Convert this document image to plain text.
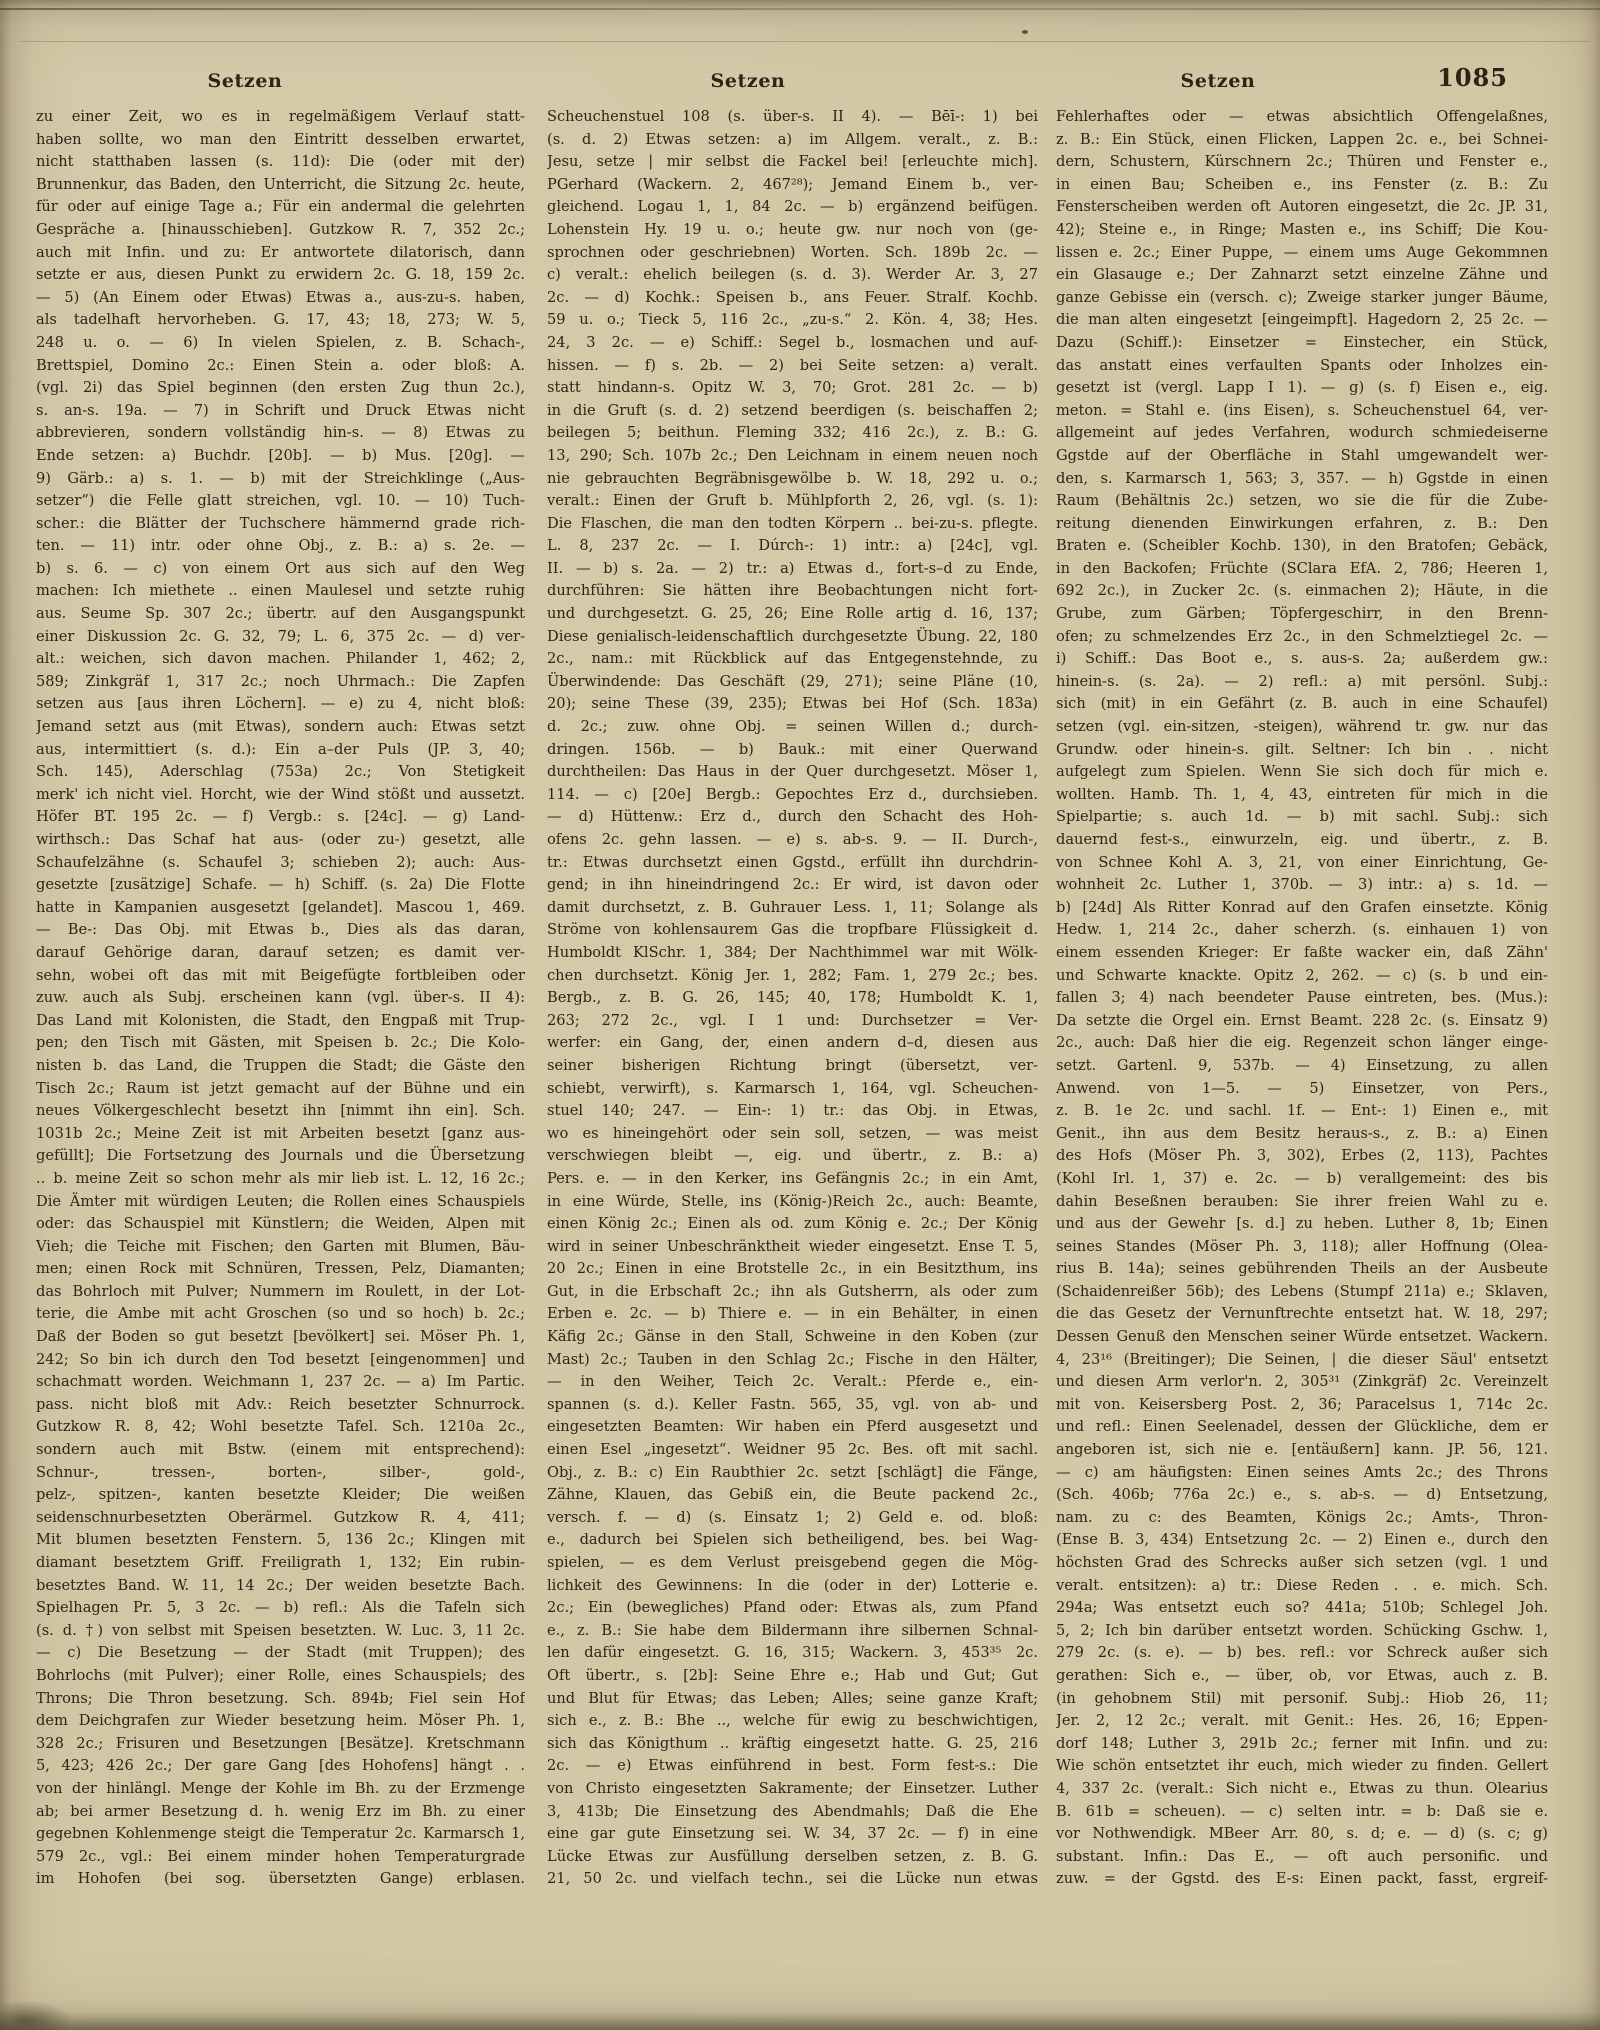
Setzen	Setzen	Setzen	1085
zu einer Zeit, wo es in regelmäßigem Verlauf statt-
haben sollte, wo man den Eintritt desselben erwartet,
nicht statthaben lassen (s. 11d): Die (oder mit der)
Brunnenkur, das Baden, den Unterricht, die Sitzung 2c. heute,
für oder auf einige Tage a.; Für ein andermal die gelehrten
Gespräche a. [hinausschieben]. Gutzkow R. 7, 352 2c.;
auch mit Infin. und zu: Er antwortete dilatorisch, dann
setzte er aus, diesen Punkt zu erwidern 2c. G. 18, 159 2c.
— 5) (An Einem oder Etwas) Etwas a., aus-zu-s. haben,
als tadelhaft hervorheben. G. 17, 43; 18, 273; W. 5,
248 u. o. — 6) In vielen Spielen, z. B. Schach-,
Brettspiel, Domino 2c.: Einen Stein a. oder bloß: A.
(vgl. 2i) das Spiel beginnen (den ersten Zug thun 2c.),
s. an-s. 19a. — 7) in Schrift und Druck Etwas nicht
abbrevieren, sondern vollständig hin-s. — 8) Etwas zu
Ende setzen: a) Buchdr. [20b]. — b) Mus. [20g]. —
9) Gärb.: a) s. 1. — b) mit der Streichklinge („Aus-
setzer“) die Felle glatt streichen, vgl. 10. — 10) Tuch-
scher.: die Blätter der Tuchschere hämmernd grade rich-
ten. — 11) intr. oder ohne Obj., z. B.: a) s. 2e. —
b) s. 6. — c) von einem Ort aus sich auf den Weg
machen: Ich miethete .. einen Maulesel und setzte ruhig
aus. Seume Sp. 307 2c.; übertr. auf den Ausgangspunkt
einer Diskussion 2c. G. 32, 79; L. 6, 375 2c. — d) ver-
alt.: weichen, sich davon machen. Philander 1, 462; 2,
589; Zinkgräf 1, 317 2c.; noch Uhrmach.: Die Zapfen
setzen aus [aus ihren Löchern]. — e) zu 4, nicht bloß:
Jemand setzt aus (mit Etwas), sondern auch: Etwas setzt
aus, intermittiert (s. d.): Ein a–der Puls (JP. 3, 40;
Sch. 145), Aderschlag (753a) 2c.; Von Stetigkeit
merk' ich nicht viel. Horcht, wie der Wind stößt und aussetzt.
Höfer BT. 195 2c. — f) Vergb.: s. [24c]. — g) Land-
wirthsch.: Das Schaf hat aus- (oder zu-) gesetzt, alle
Schaufelzähne (s. Schaufel 3; schieben 2); auch: Aus-
gesetzte [zusätzige] Schafe. — h) Schiff. (s. 2a) Die Flotte
hatte in Kampanien ausgesetzt [gelandet]. Mascou 1, 469.
— Be-: Das Obj. mit Etwas b., Dies als das daran,
darauf Gehörige daran, darauf setzen; es damit ver-
sehn, wobei oft das mit mit Beigefügte fortbleiben oder
zuw. auch als Subj. erscheinen kann (vgl. über-s. II 4):
Das Land mit Kolonisten, die Stadt, den Engpaß mit Trup-
pen; den Tisch mit Gästen, mit Speisen b. 2c.; Die Kolo-
nisten b. das Land, die Truppen die Stadt; die Gäste den
Tisch 2c.; Raum ist jetzt gemacht auf der Bühne und ein
neues Völkergeschlecht besetzt ihn [nimmt ihn ein]. Sch.
1031b 2c.; Meine Zeit ist mit Arbeiten besetzt [ganz aus-
gefüllt]; Die Fortsetzung des Journals und die Übersetzung
.. b. meine Zeit so schon mehr als mir lieb ist. L. 12, 16 2c.;
Die Ämter mit würdigen Leuten; die Rollen eines Schauspiels
oder: das Schauspiel mit Künstlern; die Weiden, Alpen mit
Vieh; die Teiche mit Fischen; den Garten mit Blumen, Bäu-
men; einen Rock mit Schnüren, Tressen, Pelz, Diamanten;
das Bohrloch mit Pulver; Nummern im Roulett, in der Lot-
terie, die Ambe mit acht Groschen (so und so hoch) b. 2c.;
Daß der Boden so gut besetzt [bevölkert] sei. Möser Ph. 1,
242; So bin ich durch den Tod besetzt [eingenommen] und
schachmatt worden. Weichmann 1, 237 2c. — a) Im Partic.
pass. nicht bloß mit Adv.: Reich besetzter Schnurrock.
Gutzkow R. 8, 42; Wohl besetzte Tafel. Sch. 1210a 2c.,
sondern auch mit Bstw. (einem mit entsprechend):
Schnur-, tressen-, borten-, silber-, gold-,
pelz-, spitzen-, kanten besetzte Kleider; Die weißen
seidenschnurbesetzten Oberärmel. Gutzkow R. 4, 411;
Mit blumen besetzten Fenstern. 5, 136 2c.; Klingen mit
diamant besetztem Griff. Freiligrath 1, 132; Ein rubin-
besetztes Band. W. 11, 14 2c.; Der weiden besetzte Bach.
Spielhagen Pr. 5, 3 2c. — b) refl.: Als die Tafeln sich
(s. d. †) von selbst mit Speisen besetzten. W. Luc. 3, 11 2c.
— c) Die Besetzung — der Stadt (mit Truppen); des
Bohrlochs (mit Pulver); einer Rolle, eines Schauspiels; des
Throns; Die Thron besetzung. Sch. 894b; Fiel sein Hof
dem Deichgrafen zur Wieder besetzung heim. Möser Ph. 1,
328 2c.; Frisuren und Besetzungen [Besätze]. Kretschmann
5, 423; 426 2c.; Der gare Gang [des Hohofens] hängt . .
von der hinlängl. Menge der Kohle im Bh. zu der Erzmenge
ab; bei armer Besetzung d. h. wenig Erz im Bh. zu einer
gegebnen Kohlenmenge steigt die Temperatur 2c. Karmarsch 1,
579 2c., vgl.: Bei einem minder hohen Temperaturgrade
im Hohofen (bei sog. übersetzten Gange) erblasen.
Scheuchenstuel 108 (s. über-s. II 4). — Bēī-: 1) bei
(s. d. 2) Etwas setzen: a) im Allgem. veralt., z. B.:
Jesu, setze | mir selbst die Fackel bei! [erleuchte mich].
PGerhard (Wackern. 2, 467²⁸); Jemand Einem b., ver-
gleichend. Logau 1, 1, 84 2c. — b) ergänzend beifügen.
Lohenstein Hy. 19 u. o.; heute gw. nur noch von (ge-
sprochnen oder geschriebnen) Worten. Sch. 189b 2c. —
c) veralt.: ehelich beilegen (s. d. 3). Werder Ar. 3, 27
2c. — d) Kochk.: Speisen b., ans Feuer. Stralf. Kochb.
59 u. o.; Tieck 5, 116 2c., „zu-s.“ 2. Kön. 4, 38; Hes.
24, 3 2c. — e) Schiff.: Segel b., losmachen und auf-
hissen. — f) s. 2b. — 2) bei Seite setzen: a) veralt.
statt hindann-s. Opitz W. 3, 70; Grot. 281 2c. — b)
in die Gruft (s. d. 2) setzend beerdigen (s. beischaffen 2;
beilegen 5; beithun. Fleming 332; 416 2c.), z. B.: G.
13, 290; Sch. 107b 2c.; Den Leichnam in einem neuen noch
nie gebrauchten Begräbnisgewölbe b. W. 18, 292 u. o.;
veralt.: Einen der Gruft b. Mühlpforth 2, 26, vgl. (s. 1):
Die Flaschen, die man den todten Körpern .. bei-zu-s. pflegte.
L. 8, 237 2c. — I. Dúrch-: 1) intr.: a) [24c], vgl.
II. — b) s. 2a. — 2) tr.: a) Etwas d., fort-s–d zu Ende,
durchführen: Sie hätten ihre Beobachtungen nicht fort-
und durchgesetzt. G. 25, 26; Eine Rolle artig d. 16, 137;
Diese genialisch-leidenschaftlich durchgesetzte Übung. 22, 180
2c., nam.: mit Rückblick auf das Entgegenstehnde, zu
Überwindende: Das Geschäft (29, 271); seine Pläne (10,
20); seine These (39, 235); Etwas bei Hof (Sch. 183a)
d. 2c.; zuw. ohne Obj. = seinen Willen d.; durch-
dringen. 156b. — b) Bauk.: mit einer Querwand
durchtheilen: Das Haus in der Quer durchgesetzt. Möser 1,
114. — c) [20e] Bergb.: Gepochtes Erz d., durchsieben.
— d) Hüttenw.: Erz d., durch den Schacht des Hoh-
ofens 2c. gehn lassen. — e) s. ab-s. 9. — II. Durch-,
tr.: Etwas durchsetzt einen Ggstd., erfüllt ihn durchdrin-
gend; in ihn hineindringend 2c.: Er wird, ist davon oder
damit durchsetzt, z. B. Guhrauer Less. 1, 11; Solange als
Ströme von kohlensaurem Gas die tropfbare Flüssigkeit d.
Humboldt KlSchr. 1, 384; Der Nachthimmel war mit Wölk-
chen durchsetzt. König Jer. 1, 282; Fam. 1, 279 2c.; bes.
Bergb., z. B. G. 26, 145; 40, 178; Humboldt K. 1,
263; 272 2c., vgl. I 1 und: Durchsetzer = Ver-
werfer: ein Gang, der, einen andern d–d, diesen aus
seiner bisherigen Richtung bringt (übersetzt, ver-
schiebt, verwirft), s. Karmarsch 1, 164, vgl. Scheuchen-
stuel 140; 247. — Ein-: 1) tr.: das Obj. in Etwas,
wo es hineingehört oder sein soll, setzen, — was meist
verschwiegen bleibt —, eig. und übertr., z. B.: a)
Pers. e. — in den Kerker, ins Gefängnis 2c.; in ein Amt,
in eine Würde, Stelle, ins (König-)Reich 2c., auch: Beamte,
einen König 2c.; Einen als od. zum König e. 2c.; Der König
wird in seiner Unbeschränktheit wieder eingesetzt. Ense T. 5,
20 2c.; Einen in eine Brotstelle 2c., in ein Besitzthum, ins
Gut, in die Erbschaft 2c.; ihn als Gutsherrn, als oder zum
Erben e. 2c. — b) Thiere e. — in ein Behälter, in einen
Käfig 2c.; Gänse in den Stall, Schweine in den Koben (zur
Mast) 2c.; Tauben in den Schlag 2c.; Fische in den Hälter,
— in den Weiher, Teich 2c. Veralt.: Pferde e., ein-
spannen (s. d.). Keller Fastn. 565, 35, vgl. von ab- und
eingesetzten Beamten: Wir haben ein Pferd ausgesetzt und
einen Esel „ingesetzt“. Weidner 95 2c. Bes. oft mit sachl.
Obj., z. B.: c) Ein Raubthier 2c. setzt [schlägt] die Fänge,
Zähne, Klauen, das Gebiß ein, die Beute packend 2c.,
versch. f. — d) (s. Einsatz 1; 2) Geld e. od. bloß:
e., dadurch bei Spielen sich betheiligend, bes. bei Wag-
spielen, — es dem Verlust preisgebend gegen die Mög-
lichkeit des Gewinnens: In die (oder in der) Lotterie e.
2c.; Ein (bewegliches) Pfand oder: Etwas als, zum Pfand
e., z. B.: Sie habe dem Bildermann ihre silbernen Schnal-
len dafür eingesetzt. G. 16, 315; Wackern. 3, 453³⁵ 2c.
Oft übertr., s. [2b]: Seine Ehre e.; Hab und Gut; Gut
und Blut für Etwas; das Leben; Alles; seine ganze Kraft;
sich e., z. B.: Bhe .., welche für ewig zu beschwichtigen,
sich das Königthum .. kräftig eingesetzt hatte. G. 25, 216
2c. — e) Etwas einführend in best. Form fest-s.: Die
von Christo eingesetzten Sakramente; der Einsetzer. Luther
3, 413b; Die Einsetzung des Abendmahls; Daß die Ehe
eine gar gute Einsetzung sei. W. 34, 37 2c. — f) in eine
Lücke Etwas zur Ausfüllung derselben setzen, z. B. G.
21, 50 2c. und vielfach techn., sei die Lücke nun etwas
Fehlerhaftes oder — etwas absichtlich Offengelaßnes,
z. B.: Ein Stück, einen Flicken, Lappen 2c. e., bei Schnei-
dern, Schustern, Kürschnern 2c.; Thüren und Fenster e.,
in einen Bau; Scheiben e., ins Fenster (z. B.: Zu
Fensterscheiben werden oft Autoren eingesetzt, die 2c. JP. 31,
42); Steine e., in Ringe; Masten e., ins Schiff; Die Kou-
lissen e. 2c.; Einer Puppe, — einem ums Auge Gekommnen
ein Glasauge e.; Der Zahnarzt setzt einzelne Zähne und
ganze Gebisse ein (versch. c); Zweige starker junger Bäume,
die man alten eingesetzt [eingeimpft]. Hagedorn 2, 25 2c. —
Dazu (Schiff.): Einsetzer = Einstecher, ein Stück,
das anstatt eines verfaulten Spants oder Inholzes ein-
gesetzt ist (vergl. Lapp I 1). — g) (s. f) Eisen e., eig.
meton. = Stahl e. (ins Eisen), s. Scheuchenstuel 64, ver-
allgemeint auf jedes Verfahren, wodurch schmiedeiserne
Ggstde auf der Oberfläche in Stahl umgewandelt wer-
den, s. Karmarsch 1, 563; 3, 357. — h) Ggstde in einen
Raum (Behältnis 2c.) setzen, wo sie die für die Zube-
reitung dienenden Einwirkungen erfahren, z. B.: Den
Braten e. (Scheibler Kochb. 130), in den Bratofen; Gebäck,
in den Backofen; Früchte (SClara EfA. 2, 786; Heeren 1,
692 2c.), in Zucker 2c. (s. einmachen 2); Häute, in die
Grube, zum Gärben; Töpfergeschirr, in den Brenn-
ofen; zu schmelzendes Erz 2c., in den Schmelztiegel 2c. —
i) Schiff.: Das Boot e., s. aus-s. 2a; außerdem gw.:
hinein-s. (s. 2a). — 2) refl.: a) mit persönl. Subj.:
sich (mit) in ein Gefährt (z. B. auch in eine Schaufel)
setzen (vgl. ein-sitzen, -steigen), während tr. gw. nur das
Grundw. oder hinein-s. gilt. Seltner: Ich bin . . nicht
aufgelegt zum Spielen. Wenn Sie sich doch für mich e.
wollten. Hamb. Th. 1, 4, 43, eintreten für mich in die
Spielpartie; s. auch 1d. — b) mit sachl. Subj.: sich
dauernd fest-s., einwurzeln, eig. und übertr., z. B.
von Schnee Kohl A. 3, 21, von einer Einrichtung, Ge-
wohnheit 2c. Luther 1, 370b. — 3) intr.: a) s. 1d. —
b) [24d] Als Ritter Konrad auf den Grafen einsetzte. König
Hedw. 1, 214 2c., daher scherzh. (s. einhauen 1) von
einem essenden Krieger: Er faßte wacker ein, daß Zähn'
und Schwarte knackte. Opitz 2, 262. — c) (s. b und ein-
fallen 3; 4) nach beendeter Pause eintreten, bes. (Mus.):
Da setzte die Orgel ein. Ernst Beamt. 228 2c. (s. Einsatz 9)
2c., auch: Daß hier die eig. Regenzeit schon länger einge-
setzt. Gartenl. 9, 537b. — 4) Einsetzung, zu allen
Anwend. von 1—5. — 5) Einsetzer, von Pers.,
z. B. 1e 2c. und sachl. 1f. — Ent-: 1) Einen e., mit
Genit., ihn aus dem Besitz heraus-s., z. B.: a) Einen
des Hofs (Möser Ph. 3, 302), Erbes (2, 113), Pachtes
(Kohl Irl. 1, 37) e. 2c. — b) verallgemeint: des bis
dahin Beseßnen berauben: Sie ihrer freien Wahl zu e.
und aus der Gewehr [s. d.] zu heben. Luther 8, 1b; Einen
seines Standes (Möser Ph. 3, 118); aller Hoffnung (Olea-
rius B. 14a); seines gebührenden Theils an der Ausbeute
(Schaidenreißer 56b); des Lebens (Stumpf 211a) e.; Sklaven,
die das Gesetz der Vernunftrechte entsetzt hat. W. 18, 297;
Dessen Genuß den Menschen seiner Würde entsetzet. Wackern.
4, 23¹⁶ (Breitinger); Die Seinen, | die dieser Säul' entsetzt
und diesen Arm verlor'n. 2, 305³¹ (Zinkgräf) 2c. Vereinzelt
mit von. Keisersberg Post. 2, 36; Paracelsus 1, 714c 2c.
und refl.: Einen Seelenadel, dessen der Glückliche, dem er
angeboren ist, sich nie e. [entäußern] kann. JP. 56, 121.
— c) am häufigsten: Einen seines Amts 2c.; des Throns
(Sch. 406b; 776a 2c.) e., s. ab-s. — d) Entsetzung,
nam. zu c: des Beamten, Königs 2c.; Amts-, Thron-
(Ense B. 3, 434) Entsetzung 2c. — 2) Einen e., durch den
höchsten Grad des Schrecks außer sich setzen (vgl. 1 und
veralt. entsitzen): a) tr.: Diese Reden . . e. mich. Sch.
294a; Was entsetzt euch so? 441a; 510b; Schlegel Joh.
5, 2; Ich bin darüber entsetzt worden. Schücking Gschw. 1,
279 2c. (s. e). — b) bes. refl.: vor Schreck außer sich
gerathen: Sich e., — über, ob, vor Etwas, auch z. B.
(in gehobnem Stil) mit personif. Subj.: Hiob 26, 11;
Jer. 2, 12 2c.; veralt. mit Genit.: Hes. 26, 16; Eppen-
dorf 148; Luther 3, 291b 2c.; ferner mit Infin. und zu:
Wie schön entsetztet ihr euch, mich wieder zu finden. Gellert
4, 337 2c. (veralt.: Sich nicht e., Etwas zu thun. Olearius
B. 61b = scheuen). — c) selten intr. = b: Daß sie e.
vor Nothwendigk. MBeer Arr. 80, s. d; e. — d) (s. c; g)
substant. Infin.: Das E., — oft auch personific. und
zuw. = der Ggstd. des E-s: Einen packt, fasst, ergreif-
